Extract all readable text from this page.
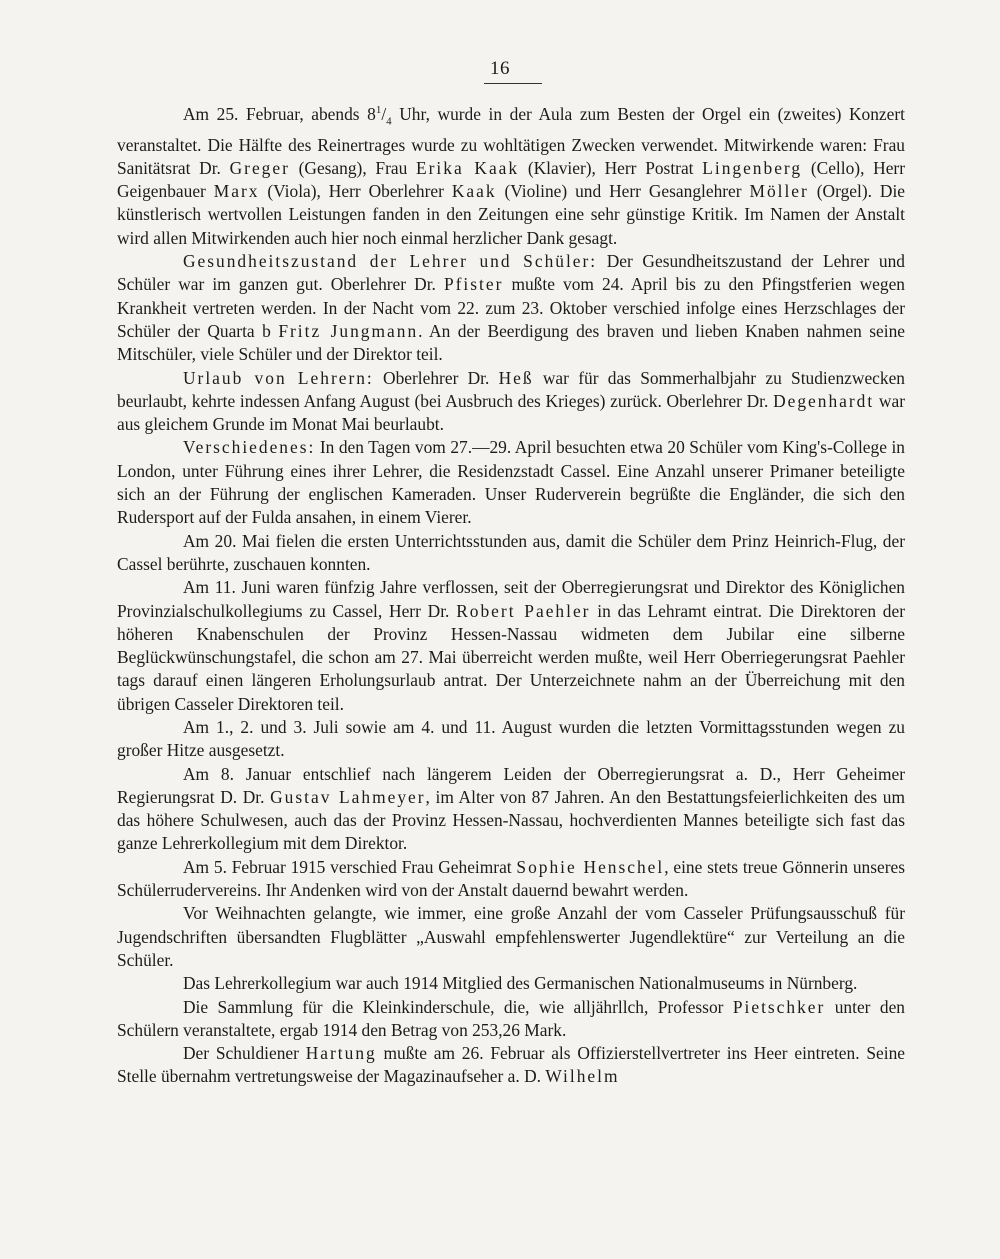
16

Am 25. Februar, abends $8^1/_4$ Uhr, wurde in der Aula zum Besten der Orgel ein (zweites) Konzert veranstaltet. Die Hälfte des Reinertrages wurde zu wohltätigen Zwecken verwendet. Mitwirkende waren: Frau Sanitätsrat Dr. Greger (Gesang), Frau Erika Kaak (Klavier), Herr Postrat Lingenberg (Cello), Herr Geigenbauer Marx (Viola), Herr Oberlehrer Kaak (Violine) und Herr Gesanglehrer Möller (Orgel). Die künstlerisch wertvollen Leistungen fanden in den Zeitungen eine sehr günstige Kritik. Im Namen der Anstalt wird allen Mitwirkenden auch hier noch einmal herzlicher Dank gesagt.

Gesundheitszustand der Lehrer und Schüler: Der Gesundheitszustand der Lehrer und Schüler war im ganzen gut. Oberlehrer Dr. Pfister mußte vom 24. April bis zu den Pfingstferien wegen Krankheit vertreten werden. In der Nacht vom 22. zum 23. Oktober verschied infolge eines Herzschlages der Schüler der Quarta b Fritz Jungmann. An der Beerdigung des braven und lieben Knaben nahmen seine Mitschüler, viele Schüler und der Direktor teil.

Urlaub von Lehrern: Oberlehrer Dr. Heß war für das Sommerhalbjahr zu Studienzwecken beurlaubt, kehrte indessen Anfang August (bei Ausbruch des Krieges) zurück. Oberlehrer Dr. Degenhardt war aus gleichem Grunde im Monat Mai beurlaubt.

Verschiedenes: In den Tagen vom 27.—29. April besuchten etwa 20 Schüler vom King's-College in London, unter Führung eines ihrer Lehrer, die Residenzstadt Cassel. Eine Anzahl unserer Primaner beteiligte sich an der Führung der englischen Kameraden. Unser Ruderverein begrüßte die Engländer, die sich den Rudersport auf der Fulda ansahen, in einem Vierer.

Am 20. Mai fielen die ersten Unterrichtsstunden aus, damit die Schüler dem Prinz Heinrich-Flug, der Cassel berührte, zuschauen konnten.

Am 11. Juni waren fünfzig Jahre verflossen, seit der Oberregierungsrat und Direktor des Königlichen Provinzialschulkollegiums zu Cassel, Herr Dr. Robert Paehler in das Lehramt eintrat. Die Direktoren der höheren Knabenschulen der Provinz Hessen-Nassau widmeten dem Jubilar eine silberne Beglückwünschungstafel, die schon am 27. Mai überreicht werden mußte, weil Herr Oberriegerungsrat Paehler tags darauf einen längeren Erholungsurlaub antrat. Der Unterzeichnete nahm an der Überreichung mit den übrigen Casseler Direktoren teil.

Am 1., 2. und 3. Juli sowie am 4. und 11. August wurden die letzten Vormittagsstunden wegen zu großer Hitze ausgesetzt.

Am 8. Januar entschlief nach längerem Leiden der Oberregierungsrat a. D., Herr Geheimer Regierungsrat D. Dr. Gustav Lahmeyer, im Alter von 87 Jahren. An den Bestattungsfeierlichkeiten des um das höhere Schulwesen, auch das der Provinz Hessen-Nassau, hochverdienten Mannes beteiligte sich fast das ganze Lehrerkollegium mit dem Direktor.

Am 5. Februar 1915 verschied Frau Geheimrat Sophie Henschel, eine stets treue Gönnerin unseres Schülerrudervereins. Ihr Andenken wird von der Anstalt dauernd bewahrt werden.

Vor Weihnachten gelangte, wie immer, eine große Anzahl der vom Casseler Prüfungsausschuß für Jugendschriften übersandten Flugblätter „Auswahl empfehlenswerter Jugendlektüre“ zur Verteilung an die Schüler.

Das Lehrerkollegium war auch 1914 Mitglied des Germanischen Nationalmuseums in Nürnberg.

Die Sammlung für die Kleinkinderschule, die, wie alljährllch, Professor Pietschker unter den Schülern veranstaltete, ergab 1914 den Betrag von 253,26 Mark.

Der Schuldiener Hartung mußte am 26. Februar als Offizierstellvertreter ins Heer eintreten. Seine Stelle übernahm vertretungsweise der Magazinaufseher a. D. Wilhelm
